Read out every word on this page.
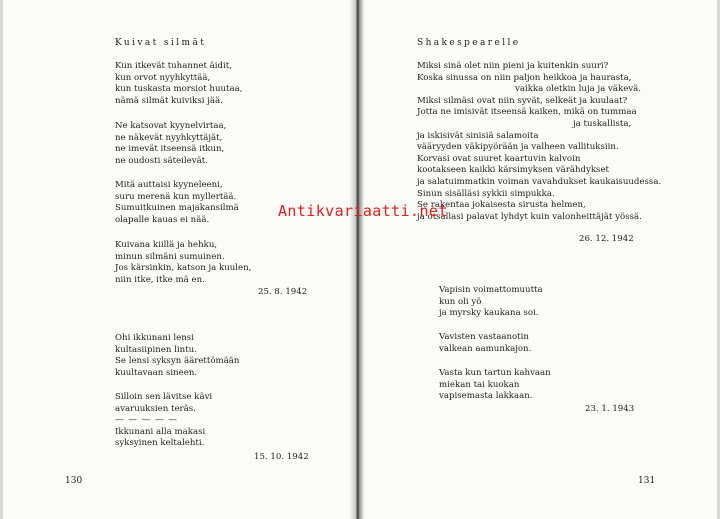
Kuivat silmät
Kun itkevät tuhannet äidit,
kun orvot nyyhkyttää,
kun tuskasta morsiot huutaa,
nämä silmät kuiviksi jää.
Ne katsovat kyynelvirtaa,
ne näkevät nyyhkyttäjät,
ne imevät itseensä itkun,
ne oudosti säteilevät.
Mitä auttaisi kyyneleeni,
suru merenä kun myllertää.
Sumuitkuinen majakansilmä
olapalle kauas ei nää.
Kuivana kiillä ja hehku,
minun silmäni sumuinen.
Jos kärsinkin, katson ja kuulen,
niin itke, itke mä en.
25. 8. 1942
Ohi ikkunani lensi
kultasiipinen lintu.
Se lensi syksyn äärettömään
kuultavaan sineen.
Silloin sen lävitse kävi
avaruuksien teräs.
— — — — —
Ikkunani alla makasi
syksyinen keltalehti.
15. 10. 1942
130
Shakespearelle
Miksi sinä olet niin pieni ja kuitenkin suuri?
Koska sinussa on niin paljon heikkoa ja haurasta,
vaikka oletkin luja ja väkevä.
Miksi silmäsi ovat niin syvät, selkeät ja kuulaat?
Jotta ne imisivät itseensä kaiken, mikä on tummaa
ja tuskallista,
ja iskisivät sinisiä salamoita
vääryyden väkipyörään ja valheen vallituksiin.
Korvasi ovat suuret kaartuvin kalvoin
kootakseen kaikki kärsimyksen värähdykset
ja salatuimmatkin voiman vavahdukset kaukaisuudessa.
Sinun sisälläsi sykkii simpukka.
Se rakentaa jokaisesta sirusta helmen,
ja otsallasi palavat lyhdyt kuin valonheittäjät yössä.
26. 12. 1942
Vapisin voimattomuutta
kun oli yö
ja myrsky kaukana soi.
Vavisten vastaanotin
valkean aamunkajon.
Vasta kun tartun kahvaan
miekan tai kuokan
vapisemasta lakkaan.
23. 1. 1943
131
Antikvariaatti.net
